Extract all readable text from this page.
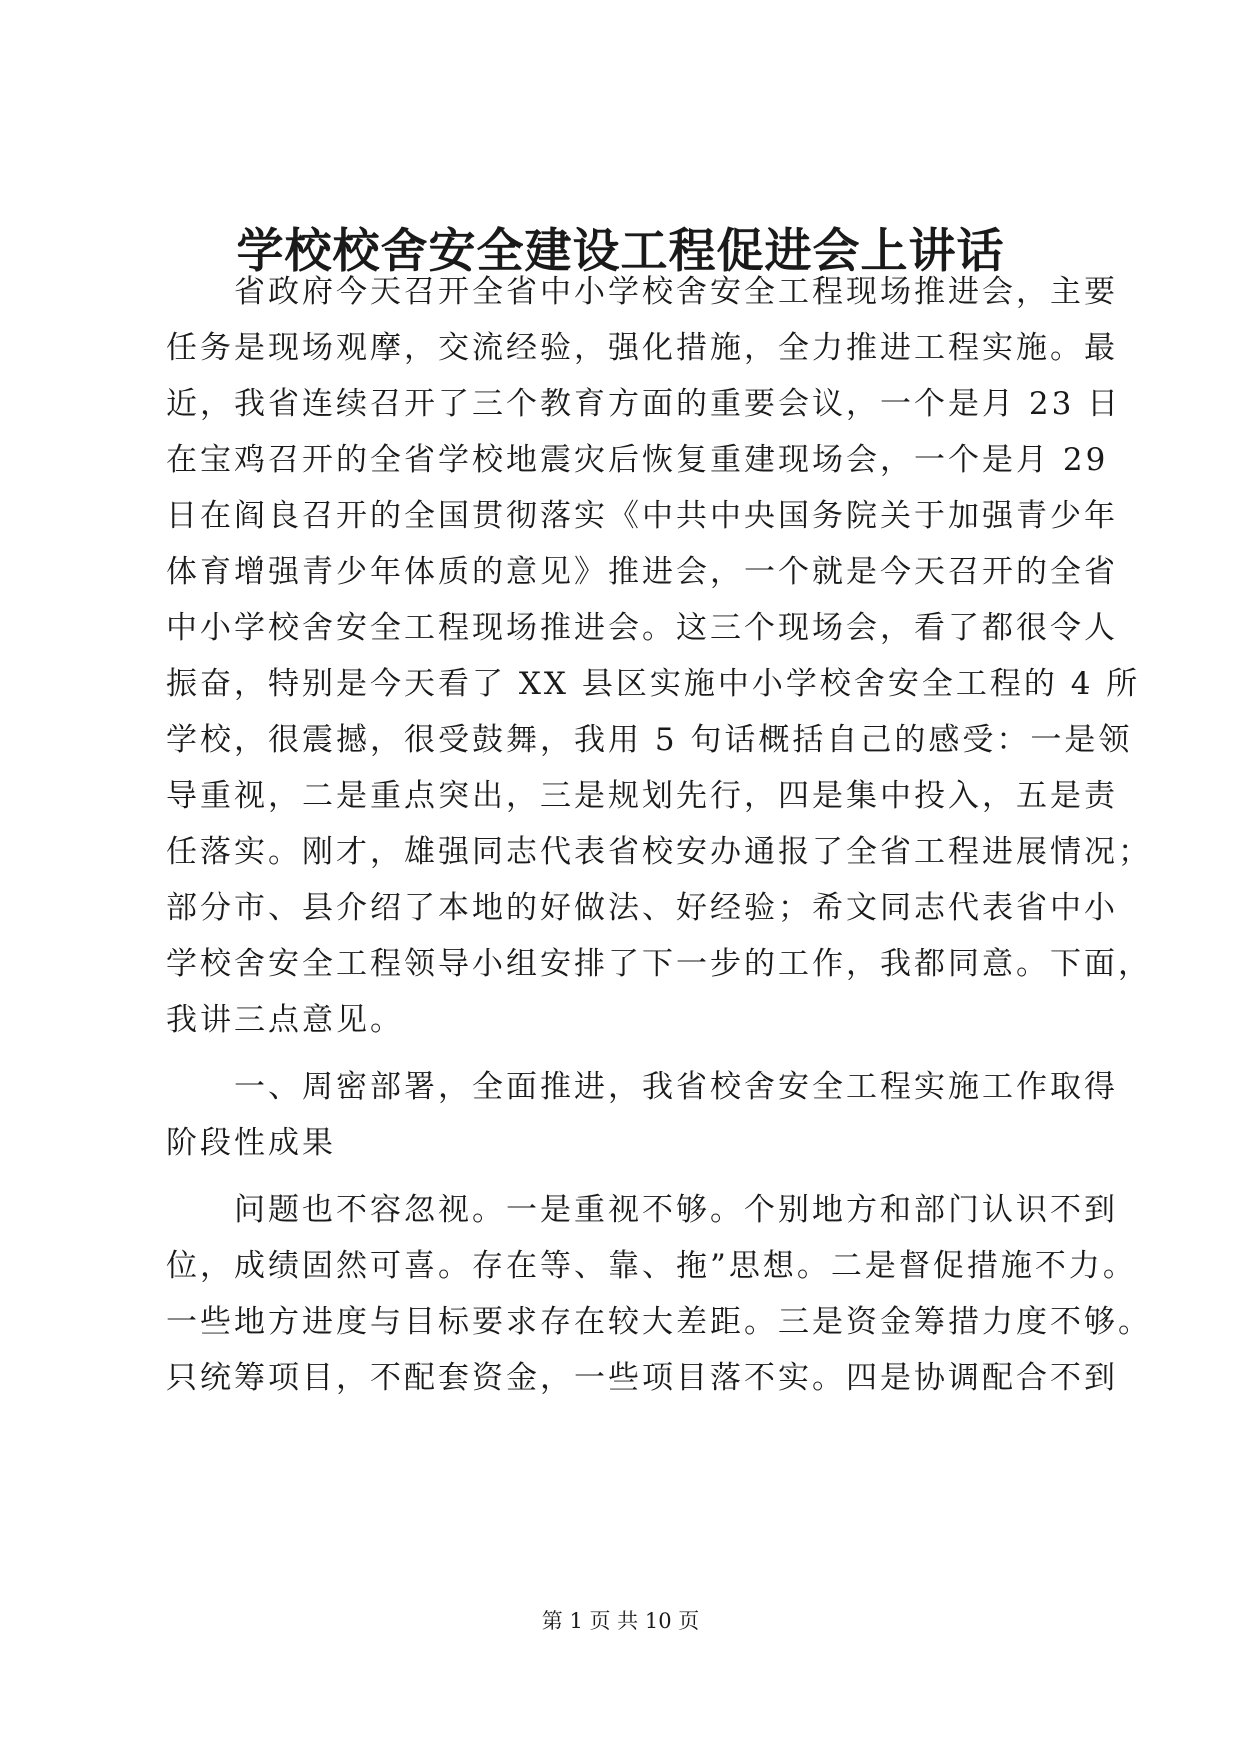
学校校舍安全建设工程促进会上讲话
　　省政府今天召开全省中小学校舍安全工程现场推进会，主要
任务是现场观摩，交流经验，强化措施，全力推进工程实施。最
近，我省连续召开了三个教育方面的重要会议，一个是月 23 日
在宝鸡召开的全省学校地震灾后恢复重建现场会，一个是月 29
日在阎良召开的全国贯彻落实《中共中央国务院关于加强青少年
体育增强青少年体质的意见》推进会，一个就是今天召开的全省
中小学校舍安全工程现场推进会。这三个现场会，看了都很令人
振奋，特别是今天看了 XX 县区实施中小学校舍安全工程的 4 所
学校，很震撼，很受鼓舞，我用 5 句话概括自己的感受：一是领
导重视，二是重点突出，三是规划先行，四是集中投入，五是责
任落实。刚才，雄强同志代表省校安办通报了全省工程进展情况；
部分市、县介绍了本地的好做法、好经验；希文同志代表省中小
学校舍安全工程领导小组安排了下一步的工作，我都同意。下面，
我讲三点意见。
　　一、周密部署，全面推进，我省校舍安全工程实施工作取得
阶段性成果
　　问题也不容忽视。一是重视不够。个别地方和部门认识不到
位，成绩固然可喜。存在等、靠、拖”思想。二是督促措施不力。
一些地方进度与目标要求存在较大差距。三是资金筹措力度不够。
只统筹项目，不配套资金，一些项目落不实。四是协调配合不到
第 1 页 共 10 页
